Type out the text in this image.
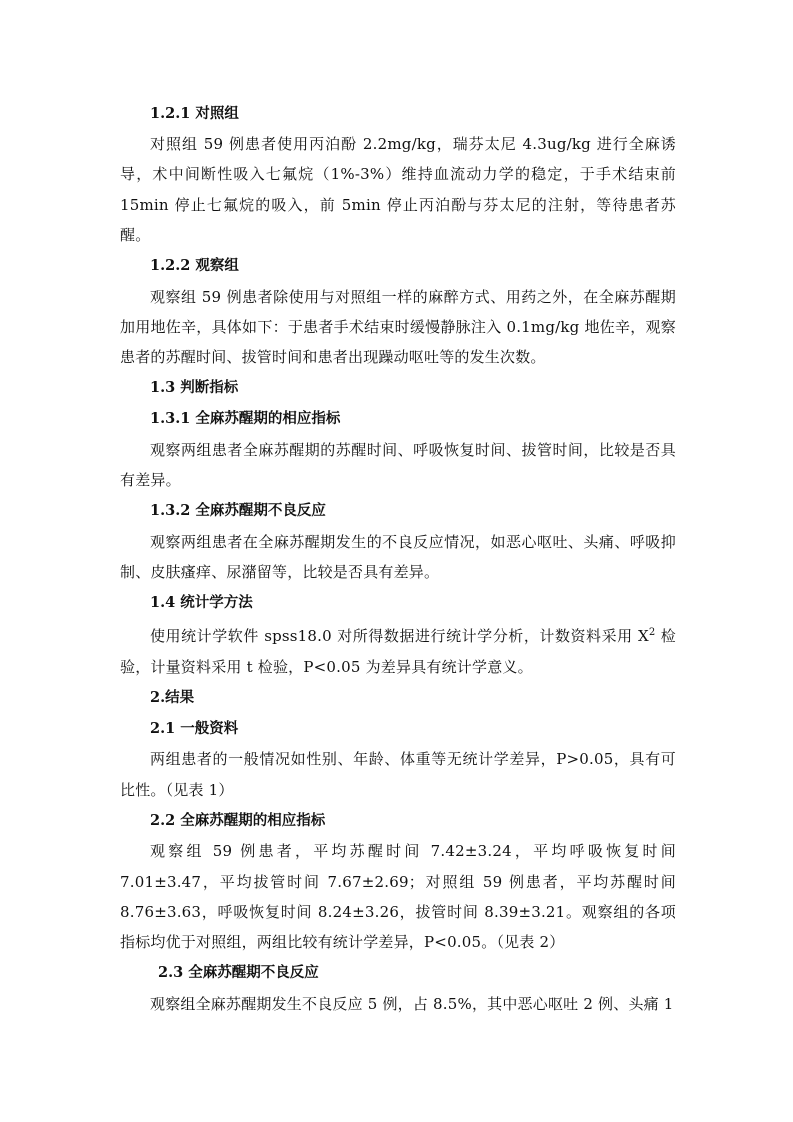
1.2.1 对照组

对照组 59 例患者使用丙泊酚 2.2mg/kg，瑞芬太尼 4.3ug/kg 进行全麻诱导，术中间断性吸入七氟烷（1%-3%）维持血流动力学的稳定，于手术结束前 15min 停止七氟烷的吸入，前 5min 停止丙泊酚与芬太尼的注射，等待患者苏醒。

1.2.2 观察组

观察组 59 例患者除使用与对照组一样的麻醉方式、用药之外，在全麻苏醒期加用地佐辛，具体如下：于患者手术结束时缓慢静脉注入 0.1mg/kg 地佐辛，观察患者的苏醒时间、拔管时间和患者出现躁动呕吐等的发生次数。

1.3 判断指标
1.3.1 全麻苏醒期的相应指标

观察两组患者全麻苏醒期的苏醒时间、呼吸恢复时间、拔管时间，比较是否具有差异。

1.3.2 全麻苏醒期不良反应

观察两组患者在全麻苏醒期发生的不良反应情况，如恶心呕吐、头痛、呼吸抑制、皮肤瘙痒、尿潴留等，比较是否具有差异。

1.4 统计学方法

使用统计学软件 spss18.0 对所得数据进行统计学分析，计数资料采用 $X^2$ 检验，计量资料采用 t 检验，P<0.05 为差异具有统计学意义。

2.结果
2.1 一般资料

两组患者的一般情况如性别、年龄、体重等无统计学差异，P>0.05，具有可比性。（见表 1）

2.2 全麻苏醒期的相应指标

观察组 59 例患者，平均苏醒时间 7.42±3.24，平均呼吸恢复时间 7.01±3.47，平均拔管时间 7.67±2.69；对照组 59 例患者，平均苏醒时间 8.76±3.63，呼吸恢复时间 8.24±3.26，拔管时间 8.39±3.21。观察组的各项指标均优于对照组，两组比较有统计学差异，P<0.05。（见表 2）

2.3 全麻苏醒期不良反应

观察组全麻苏醒期发生不良反应 5 例，占 8.5%，其中恶心呕吐 2 例、头痛 1
